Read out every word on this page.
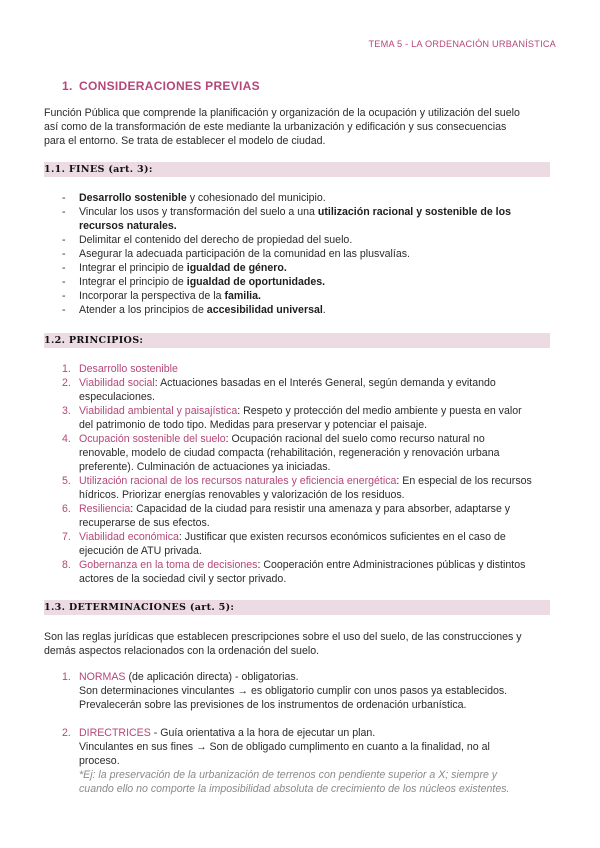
TEMA 5 - LA ORDENACIÓN URBANÍSTICA
1. CONSIDERACIONES PREVIAS
Función Pública que comprende la planificación y organización de la ocupación y utilización del suelo
así como de la transformación de este mediante la urbanización y edificación y sus consecuencias
para el entorno. Se trata de establecer el modelo de ciudad.
1.1. FINES (art. 3):
- Desarrollo sostenible y cohesionado del municipio.
- Vincular los usos y transformación del suelo a una utilización racional y sostenible de los
recursos naturales.
- Delimitar el contenido del derecho de propiedad del suelo.
- Asegurar la adecuada participación de la comunidad en las plusvalías.
- Integrar el principio de igualdad de género.
- Integrar el principio de igualdad de oportunidades.
- Incorporar la perspectiva de la familia.
- Atender a los principios de accesibilidad universal.
1.2. PRINCIPIOS:
1. Desarrollo sostenible
2. Viabilidad social: Actuaciones basadas en el Interés General, según demanda y evitando
especulaciones.
3. Viabilidad ambiental y paisajística: Respeto y protección del medio ambiente y puesta en valor
del patrimonio de todo tipo. Medidas para preservar y potenciar el paisaje.
4. Ocupación sostenible del suelo: Ocupación racional del suelo como recurso natural no
renovable, modelo de ciudad compacta (rehabilitación, regeneración y renovación urbana
preferente). Culminación de actuaciones ya iniciadas.
5. Utilización racional de los recursos naturales y eficiencia energética: En especial de los recursos
hídricos. Priorizar energías renovables y valorización de los residuos.
6. Resiliencia: Capacidad de la ciudad para resistir una amenaza y para absorber, adaptarse y
recuperarse de sus efectos.
7. Viabilidad económica: Justificar que existen recursos económicos suficientes en el caso de
ejecución de ATU privada.
8. Gobernanza en la toma de decisiones: Cooperación entre Administraciones públicas y distintos
actores de la sociedad civil y sector privado.
1.3. DETERMINACIONES (art. 5):
Son las reglas jurídicas que establecen prescripciones sobre el uso del suelo, de las construcciones y
demás aspectos relacionados con la ordenación del suelo.
1. NORMAS (de aplicación directa) - obligatorias.
Son determinaciones vinculantes → es obligatorio cumplir con unos pasos ya establecidos.
Prevalecerán sobre las previsiones de los instrumentos de ordenación urbanística.
2. DIRECTRICES - Guía orientativa a la hora de ejecutar un plan.
Vinculantes en sus fines → Son de obligado cumplimento en cuanto a la finalidad, no al
proceso.
*Ej: la preservación de la urbanización de terrenos con pendiente superior a X; siempre y
cuando ello no comporte la imposibilidad absoluta de crecimiento de los núcleos existentes.
